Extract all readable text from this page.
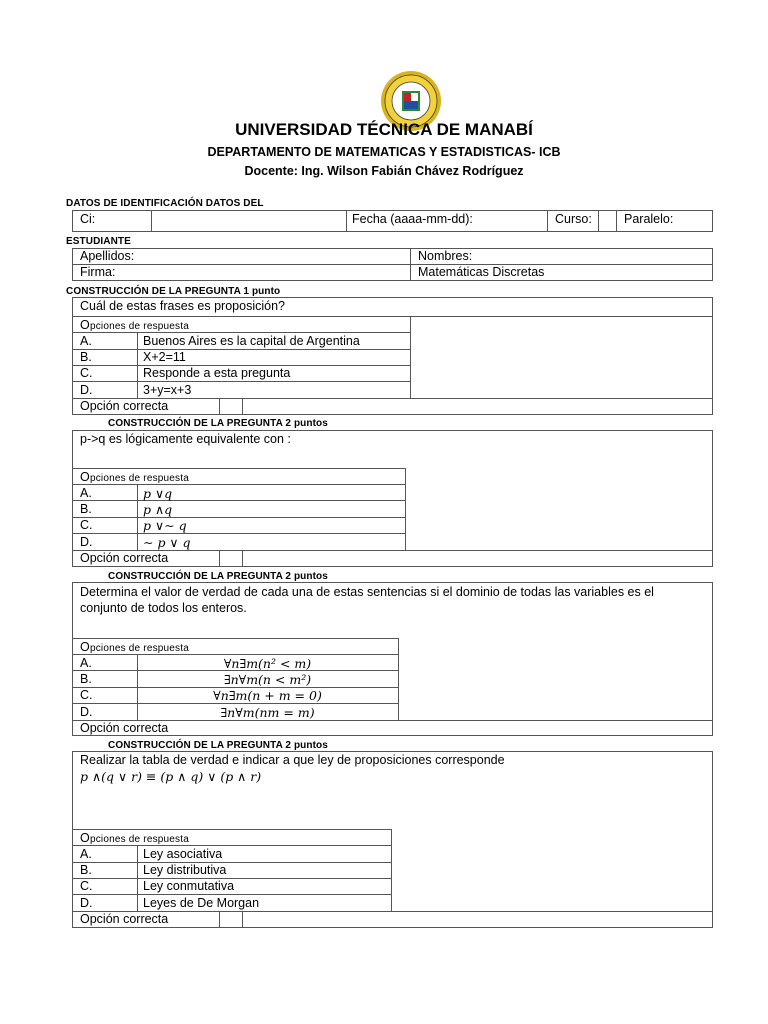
UNIVERSIDAD TÉCNICA DE MANABÍ
DEPARTAMENTO DE MATEMATICAS Y ESTADISTICAS- ICB
Docente: Ing. Wilson Fabián Chávez Rodríguez
DATOS DE IDENTIFICACIÓN DATOS DEL
Ci:	Fecha (aaaa-mm-dd):	Curso:	Paralelo:
ESTUDIANTE
Apellidos:	Nombres:
Firma:	Matemáticas Discretas
CONSTRUCCIÓN DE LA PREGUNTA 1 punto
Cuál de estas frases es proposición?
Opciones de respuesta
A.	Buenos Aires es la capital de Argentina
B.	X+2=11
C.	Responde a esta pregunta
D.	3+y=x+3
Opción correcta
CONSTRUCCIÓN DE LA PREGUNTA 2 puntos
p->q es lógicamente equivalente con :
Opciones de respuesta
A.	p ∨q
B.	p ∧q
C.	p ∨∼ q
D.	∼ p ∨ q
Opción correcta
CONSTRUCCIÓN DE LA PREGUNTA 2 puntos
Determina el valor de verdad de cada una de estas sentencias si el dominio de todas las variables es el
conjunto de todos los enteros.
Opciones de respuesta
A.	∀n∃m(n² < m)
B.	∃n∀m(n < m²)
C.	∀n∃m(n + m = 0)
D.	∃n∀m(nm = m)
Opción correcta
CONSTRUCCIÓN DE LA PREGUNTA 2 puntos
Realizar la tabla de verdad e indicar a que ley de proposiciones corresponde
p ∧(q ∨ r) ≡ (p ∧ q) ∨ (p ∧ r)
Opciones de respuesta
A.	Ley asociativa
B.	Ley distributiva
C.	Ley conmutativa
D.	Leyes de De Morgan
Opción correcta
